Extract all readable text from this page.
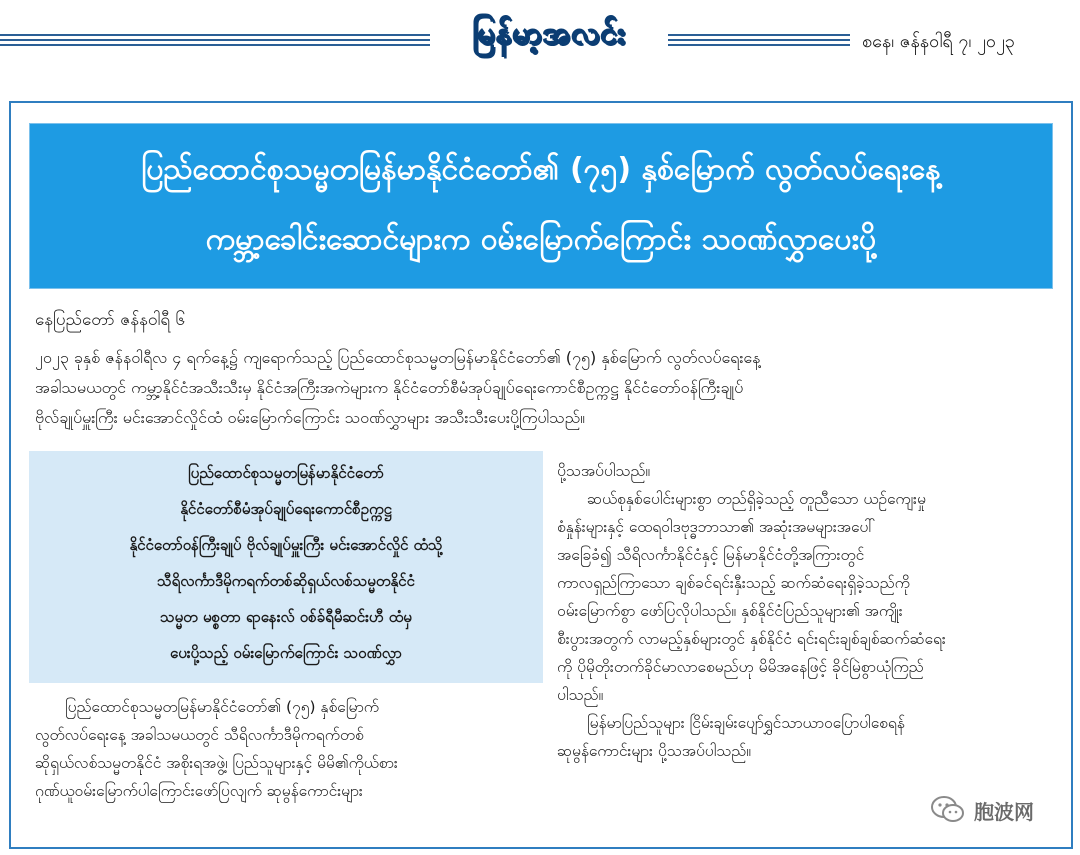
မြန်မာ့အလင်း	စနေ၊ ဇန်နဝါရီ ၇၊ ၂၀၂၃
ပြည်ထောင်စုသမ္မတမြန်မာနိုင်ငံတော်၏ (၇၅) နှစ်မြောက် လွတ်လပ်ရေးနေ့
ကမ္ဘာ့ခေါင်းဆောင်များက ဝမ်းမြောက်ကြောင်း သဝဏ်လွှာပေးပို့
နေပြည်တော် ဇန်နဝါရီ ၆

၂၀၂၃ ခုနှစ် ဇန်နဝါရီလ ၄ ရက်နေ့၌ ကျရောက်သည့် ပြည်ထောင်စုသမ္မတမြန်မာနိုင်ငံတော်၏ (၇၅) နှစ်မြောက် လွတ်လပ်ရေးနေ့

အခါသမယတွင် ကမ္ဘာ့နိုင်ငံအသီးသီးမှ နိုင်ငံအကြီးအကဲများက နိုင်ငံတော်စီမံအုပ်ချုပ်ရေးကောင်စီဥက္ကဋ္ဌ နိုင်ငံတော်ဝန်ကြီးချုပ်

ဗိုလ်ချုပ်မှူးကြီး မင်းအောင်လှိုင်ထံ ဝမ်းမြောက်ကြောင်း သဝဏ်လွှာများ အသီးသီးပေးပို့ကြပါသည်။

ပြည်ထောင်စုသမ္မတမြန်မာနိုင်ငံတော်
နိုင်ငံတော်စီမံအုပ်ချုပ်ရေးကောင်စီဥက္ကဋ္ဌ
နိုင်ငံတော်ဝန်ကြီးချုပ် ဗိုလ်ချုပ်မှူးကြီး မင်းအောင်လှိုင် ထံသို့
သီရိလင်္ကာဒီမိုကရက်တစ်ဆိုရှယ်လစ်သမ္မတနိုင်ငံ
သမ္မတ မစ္စတာ ရာနေးလ် ဝစ်ခ်ရီမီဆင်းဟီ ထံမှ
ပေးပို့သည့် ဝမ်းမြောက်ကြောင်း သဝဏ်လွှာ

ပြည်ထောင်စုသမ္မတမြန်မာနိုင်ငံတော်၏ (၇၅) နှစ်မြောက်

လွတ်လပ်ရေးနေ့ အခါသမယတွင် သီရိလင်္ကာဒီမိုကရက်တစ်

ဆိုရှယ်လစ်သမ္မတနိုင်ငံ အစိုးရအဖွဲ့၊ ပြည်သူများနှင့် မိမိ၏ကိုယ်စား

ဂုဏ်ယူဝမ်းမြောက်ပါကြောင်းဖော်ပြလျက် ဆုမွန်ကောင်းများ

ပို့သအပ်ပါသည်။

ဆယ်စုနှစ်ပေါင်းများစွာ တည်ရှိခဲ့သည့် တူညီသော ယဉ်ကျေးမှု

စံနှုန်းများနှင့် ထေရဝါဒဗုဒ္ဓဘာသာ၏ အဆုံးအမများအပေါ်

အခြေခံ၍ သီရိလင်္ကာနိုင်ငံနှင့် မြန်မာနိုင်ငံတို့အကြားတွင်

ကာလရှည်ကြာသော ချစ်ခင်ရင်းနှီးသည့် ဆက်ဆံရေးရှိခဲ့သည်ကို

ဝမ်းမြောက်စွာ ဖော်ပြလိုပါသည်။ နှစ်နိုင်ငံပြည်သူများ၏ အကျိုး

စီးပွားအတွက် လာမည့်နှစ်များတွင် နှစ်နိုင်ငံ ရင်းရင်းချစ်ချစ်ဆက်ဆံရေး

ကို ပိုမိုတိုးတက်ခိုင်မာလာစေမည်ဟု မိမိအနေဖြင့် ခိုင်မြဲစွာယုံကြည်

ပါသည်။

မြန်မာပြည်သူများ ငြိမ်းချမ်းပျော်ရွှင်သာယာဝပြောပါစေရန်

ဆုမွန်ကောင်းများ ပို့သအပ်ပါသည်။

胞波网
